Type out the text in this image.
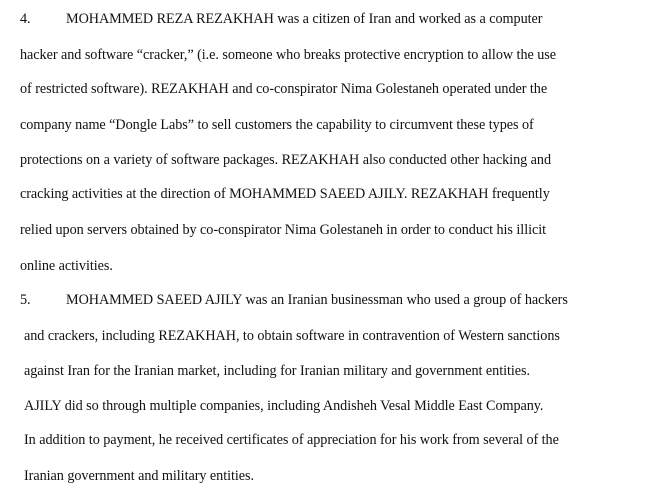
4. MOHAMMED REZA REZAKHAH was a citizen of Iran and worked as a computer
hacker and software “cracker,” (i.e. someone who breaks protective encryption to allow the use
of restricted software). REZAKHAH and co-conspirator Nima Golestaneh operated under the
company name “Dongle Labs” to sell customers the capability to circumvent these types of
protections on a variety of software packages. REZAKHAH also conducted other hacking and
cracking activities at the direction of MOHAMMED SAEED AJILY. REZAKHAH frequently
relied upon servers obtained by co-conspirator Nima Golestaneh in order to conduct his illicit
online activities.
5. MOHAMMED SAEED AJILY was an Iranian businessman who used a group of hackers
and crackers, including REZAKHAH, to obtain software in contravention of Western sanctions
against Iran for the Iranian market, including for Iranian military and government entities.
AJILY did so through multiple companies, including Andisheh Vesal Middle East Company.
In addition to payment, he received certificates of appreciation for his work from several of the
Iranian government and military entities.
